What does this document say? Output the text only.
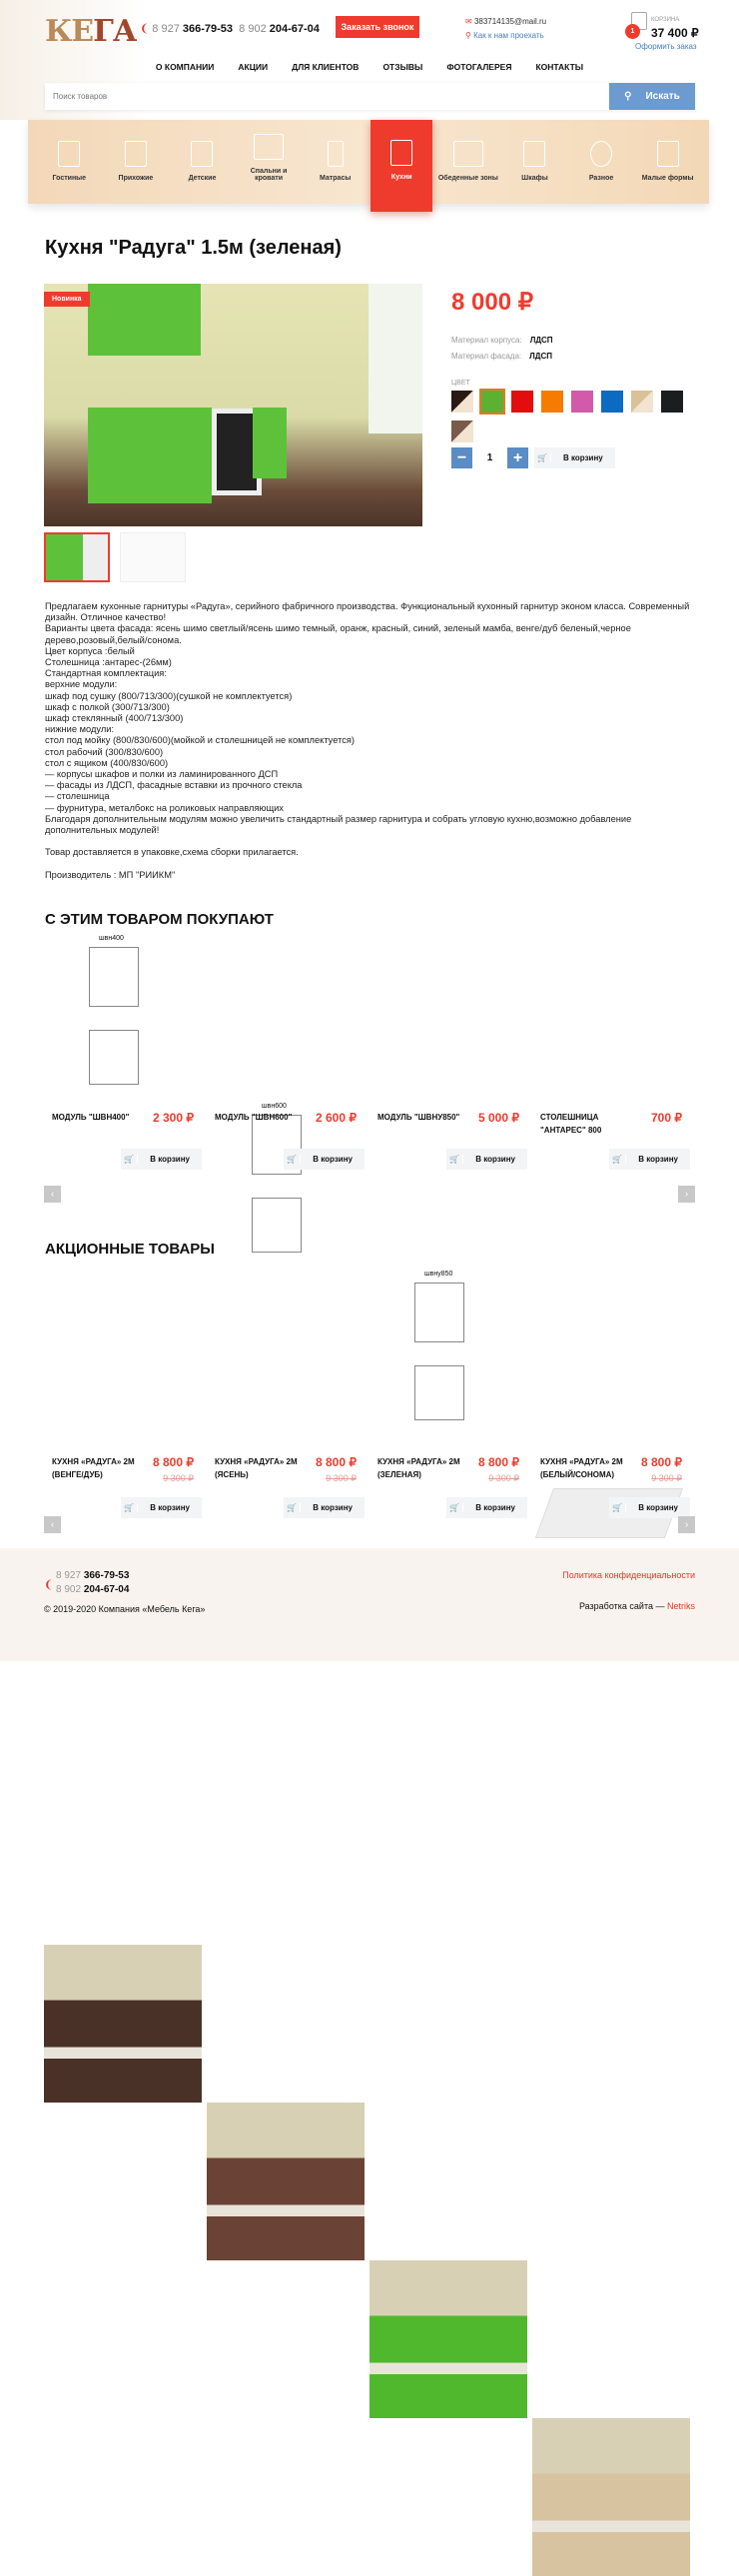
КЕГА ❨ 8 927 366-79-53 8 902 204-67-04	Заказать звонок
✉ 383714135@mail.ru
⚲ Как к нам проехать	1
КОРЗИНА
37 400 ₽
Оформить заказ
О КОМПАНИИ	АКЦИИ	ДЛЯ КЛИЕНТОВ	ОТЗЫВЫ	ФОТОГАЛЕРЕЯ	КОНТАКТЫ
Поиск товаров
⚲ Искать
Гостиные	Прихожие	Детские
Спальни и кровати	Матрасы	Кухни	Обеденные зоны	Шкафы	Разное	Малые формы
Кухня "Радуга" 1.5м (зеленая)
Новинка	8 000 ₽
Материал корпуса: ЛДСП
Материал фасада: ЛДСП
ЦВЕТ
−	1	+	🛒	В корзину
Предлагаем кухонные гарнитуры «Радуга», серийного фабричного производства. Функциональный кухонный гарнитур эконом класса. Современный дизайн. Отличное качество!
Варианты цвета фасада: ясень шимо светлый/ясень шимо темный, оранж, красный, синий, зеленый мамба, венге/дуб беленый,черное
дерево,розовый,белый/сонома.
Цвет корпуса :белый
Столешница :антарес-(26мм)
Стандартная комплектация:
верхние модули:
шкаф под сушку (800/713/300)(сушкой не комплектуется)
шкаф с полкой (300/713/300)
шкаф стеклянный (400/713/300)
нижние модули:
стол под мойку (800/830/600)(мойкой и столешницей не комплектуется)
стол рабочий (300/830/600)
стол с ящиком (400/830/600)
— корпусы шкафов и полки из ламинированного ДСП
— фасады из ЛДСП, фасадные вставки из прочного стекла
— столешница
— фурнитура, металбокс на роликовых направляющих
Благодаря дополнительным модулям можно увеличить стандартный размер гарнитура и собрать угловую кухню,возможно добавление дополнительных модулей!

Товар доставляется в упаковке,схема сборки прилагается.

Производитель : МП "РИИКМ"
С ЭТИМ ТОВАРОМ ПОКУПАЮТ
швн400
МОДУЛЬ "ШВН400"	2 300 ₽
🛒	В корзину
швн600
МОДУЛЬ "ШВН600"	2 600 ₽
🛒	В корзину
швну850
МОДУЛЬ "ШВНУ850"	5 000 ₽
🛒	В корзину
СТОЛЕШНИЦА "АНТАРЕС" 800
700 ₽
🛒	В корзину
‹	›
АКЦИОННЫЕ ТОВАРЫ
КУХНЯ «РАДУГА» 2М (ВЕНГЕ/ДУБ)
8 800 ₽
9 300 ₽
🛒	В корзину
КУХНЯ «РАДУГА» 2М (ЯСЕНЬ)
8 800 ₽
9 300 ₽
🛒	В корзину
КУХНЯ «РАДУГА» 2М (ЗЕЛЕНАЯ)
8 800 ₽
9 300 ₽
🛒	В корзину
КУХНЯ «РАДУГА» 2М (БЕЛЫЙ/СОНОМА)
8 800 ₽
9 300 ₽
🛒	В корзину
‹	›
❨
8 927 366-79-53
8 902 204-67-04
© 2019-2020 Компания «Мебель Кега»
Политика конфиденциальности
Разработка сайта — Netriks
